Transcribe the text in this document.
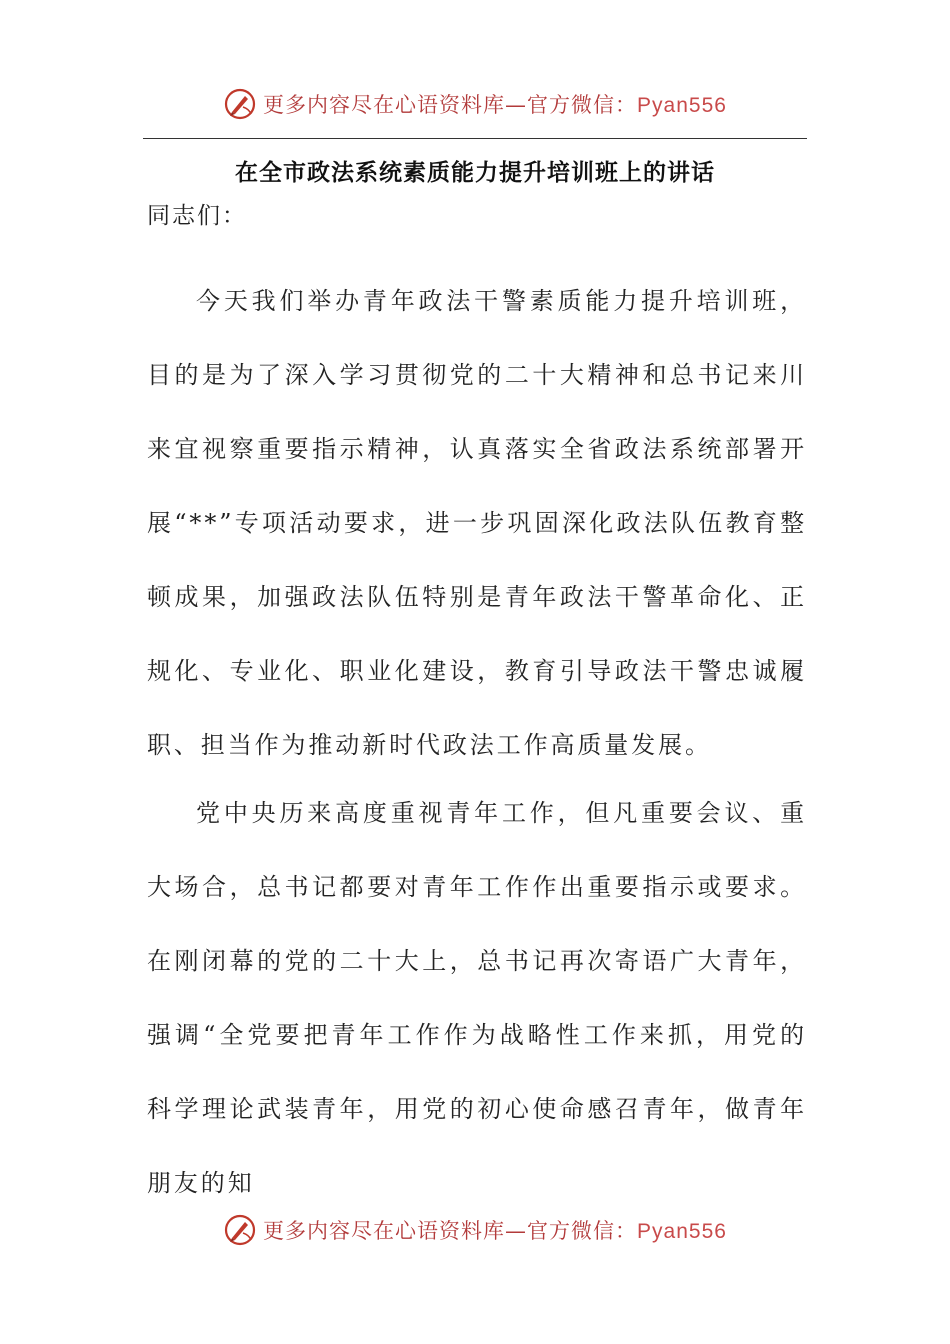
更多内容尽在心语资料库—官方微信：Pyan556
在全市政法系统素质能力提升培训班上的讲话
同志们：

今天我们举办青年政法干警素质能力提升培训班，目的是为了深入学习贯彻党的二十大精神和总书记来川来宜视察重要指示精神，认真落实全省政法系统部署开展“**”专项活动要求，进一步巩固深化政法队伍教育整顿成果，加强政法队伍特别是青年政法干警革命化、正规化、专业化、职业化建设，教育引导政法干警忠诚履职、担当作为推动新时代政法工作高质量发展。

党中央历来高度重视青年工作，但凡重要会议、重大场合，总书记都要对青年工作作出重要指示或要求。在刚闭幕的党的二十大上，总书记再次寄语广大青年，强调“全党要把青年工作作为战略性工作来抓，用党的科学理论武装青年，用党的初心使命感召青年，做青年朋友的知

更多内容尽在心语资料库—官方微信：Pyan556
